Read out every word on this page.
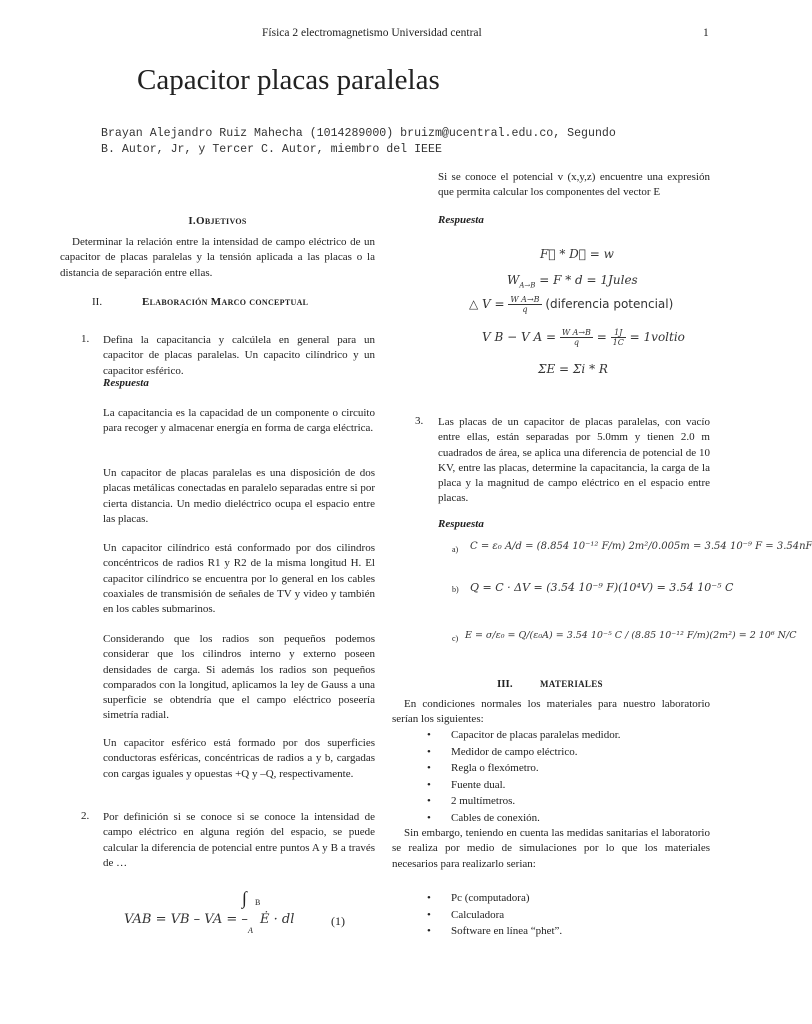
Física 2 electromagnetismo Universidad central	1
Capacitor placas paralelas
Brayan Alejandro Ruiz Mahecha (1014289000) bruizm@ucentral.edu.co, Segundo
B. Autor, Jr, y Tercer C. Autor, miembro del IEEE
I.Objetivos

Determinar la relación entre la intensidad de campo eléctrico de un capacitor de placas paralelas y la tensión aplicada a las placas o la distancia de separación entre ellas.

II.	Elaboración Marco conceptual
1. Defina la capacitancia y calcúlela en general para un capacitor de placas paralelas. Un capacito cilíndrico y un capacitor esférico.

Respuesta

La capacitancia es la capacidad de un componente o circuito para recoger y almacenar energía en forma de carga eléctrica.

Un capacitor de placas paralelas es una disposición de dos placas metálicas conectadas en paralelo separadas entre si por cierta distancia. Un medio dieléctrico ocupa el espacio entre las placas.

Un capacitor cilíndrico está conformado por dos cilindros concéntricos de radios R1 y R2 de la misma longitud H. El capacitor cilíndrico se encuentra por lo general en los cables coaxiales de transmisión de señales de TV y video y también en los cables submarinos.

Considerando que los radios son pequeños podemos considerar que los cilindros interno y externo poseen densidades de carga. Si además los radios son pequeños comparados con la longitud, aplicamos la ley de Gauss a una superficie se obtendría que el campo eléctrico poseería simetría radial.

Un capacitor esférico está formado por dos superficies conductoras esféricas, concéntricas de radios a y b, cargadas con cargas iguales y opuestas +Q y –Q, respectivamente.

2. Por definición si se conoce si se conoce la intensidad de campo eléctrico en alguna región del espacio, se puede calcular la diferencia de potencial entre puntos A y B a través de …

VAB = VB – VA = –
∫ B
A
Ė · dl	(1)

Si se conoce el potencial v (x,y,z) encuentre una expresión que permita calcular los componentes del vector E

Respuesta
F⃗ * D⃗ = w
$W_{A\to B} = F * d$ = 1Jules
△ $V = \frac{\text{W A→B}}{q}$ (diferencia potencial)
V B − V $A = \frac{\text{W A→B}}{q} = \frac{1J}{1C}$ = 1voltio
ΣE = Σi * R
3. Las placas de un capacitor de placas paralelas, con vacío entre ellas, están separadas por 5.0mm y tienen 2.0 m cuadrados de área, se aplica una diferencia de potencial de 10 KV, entre las placas, determine la capacitancia, la carga de la placa y la magnitud de campo eléctrico en el espacio entre placas.

Respuesta
a) C = ε₀ A/d = (8.854 10⁻¹² F/m) 2m²/0.005m = 3.54 10⁻⁹ F = 3.54nF
b) Q = C · ΔV = (3.54 10⁻⁹ F)(10⁴V) = 3.54 10⁻⁵ C
c) E = σ/ε₀ = Q/(ε₀A) = 3.54 10⁻⁵ C / (8.85 10⁻¹² F/m)(2m²) = 2 10⁶ N/C
III.	MATERIALES

En condiciones normales los materiales para nuestro laboratorio serían los siguientes:

• Capacitor de placas paralelas medidor.
• Medidor de campo eléctrico.
• Regla o flexómetro.
• Fuente dual.
• 2 multímetros.
• Cables de conexión.

Sin embargo, teniendo en cuenta las medidas sanitarias el laboratorio se realiza por medio de simulaciones por lo que los materiales necesarios para realizarlo serian:

• Pc (computadora)
• Calculadora
• Software en línea “phet”.
